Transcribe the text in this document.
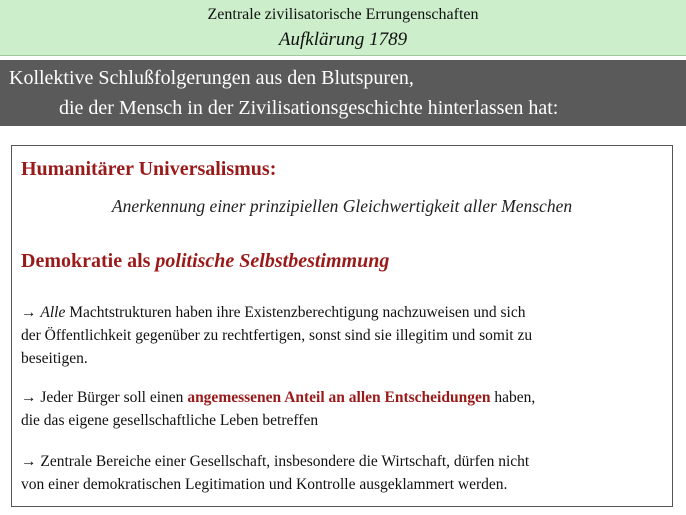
Zentrale zivilisatorische Errungenschaften
Aufklärung 1789
Kollektive Schlußfolgerungen aus den Blutspuren,
die der Mensch in der Zivilisationsgeschichte hinterlassen hat:
Humanitärer Universalismus:
Anerkennung einer prinzipiellen Gleichwertigkeit aller Menschen
Demokratie als politische Selbstbestimmung
→ Alle Machtstrukturen haben ihre Existenzberechtigung nachzuweisen und sich
der Öffentlichkeit gegenüber zu rechtfertigen, sonst sind sie illegitim und somit zu
beseitigen.
→ Jeder Bürger soll einen angemessenen Anteil an allen Entscheidungen haben,
die das eigene gesellschaftliche Leben betreffen
→ Zentrale Bereiche einer Gesellschaft, insbesondere die Wirtschaft, dürfen nicht
von einer demokratischen Legitimation und Kontrolle ausgeklammert werden.
